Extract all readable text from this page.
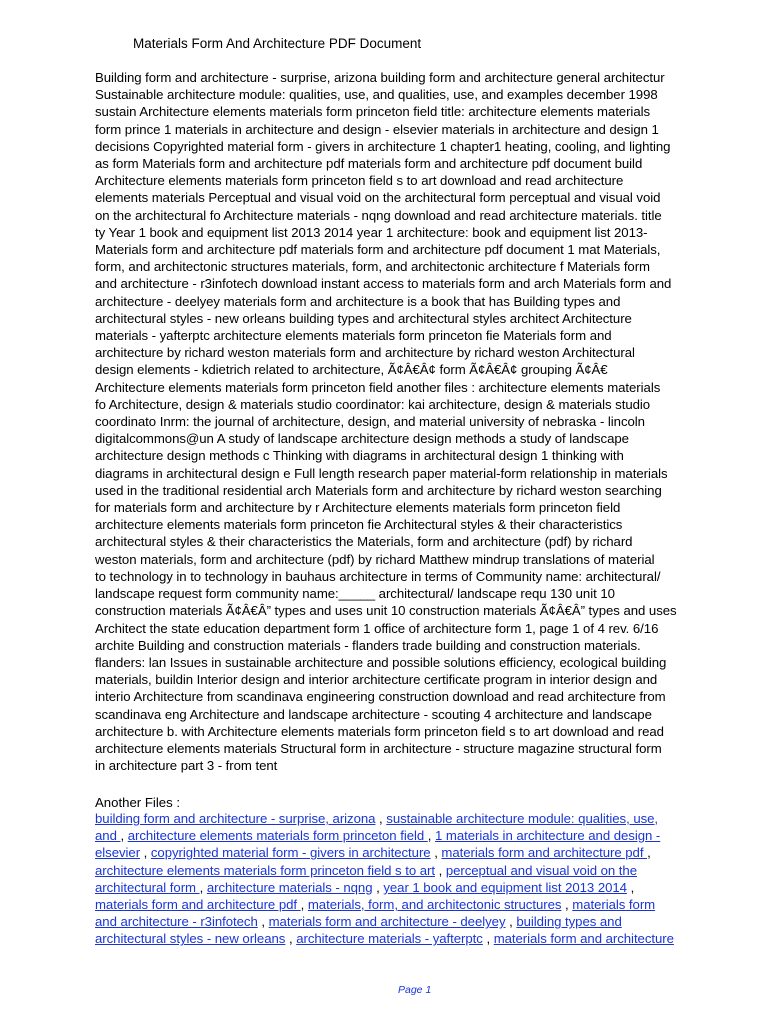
Materials Form And Architecture PDF Document
Building form and architecture - surprise, arizona building form and architecture general architectur
Sustainable architecture module: qualities, use, and qualities, use, and examples december 1998
sustain Architecture elements materials form princeton field title: architecture elements materials
form prince 1 materials in architecture and design - elsevier materials in architecture and design 1
decisions Copyrighted material form - givers in architecture 1 chapter1 heating, cooling, and lighting
as form Materials form and architecture pdf materials form and architecture pdf document build
Architecture elements materials form princeton field s to art download and read architecture
elements materials Perceptual and visual void on the architectural form perceptual and visual void
on the architectural fo Architecture materials - nqng download and read architecture materials. title
ty Year 1 book and equipment list 2013 2014 year 1 architecture: book and equipment list 2013-
Materials form and architecture pdf materials form and architecture pdf document 1 mat Materials,
form, and architectonic structures materials, form, and architectonic architecture f Materials form
and architecture - r3infotech download instant access to materials form and arch Materials form and
architecture - deelyey materials form and architecture is a book that has Building types and
architectural styles - new orleans building types and architectural styles architect Architecture
materials - yafterptc architecture elements materials form princeton fie Materials form and
architecture by richard weston materials form and architecture by richard weston Architectural
design elements - kdietrich related to architecture, Ã¢Â€Â¢ form Ã¢Â€Â¢ grouping Ã¢Â€
Architecture elements materials form princeton field another files : architecture elements materials
fo Architecture, design & materials studio coordinator: kai architecture, design & materials studio
coordinato Inrm: the journal of architecture, design, and material university of nebraska - lincoln
digitalcommons@un A study of landscape architecture design methods a study of landscape
architecture design methods c Thinking with diagrams in architectural design 1 thinking with
diagrams in architectural design e Full length research paper material-form relationship in materials
used in the traditional residential arch Materials form and architecture by richard weston searching
for materials form and architecture by r Architecture elements materials form princeton field
architecture elements materials form princeton fie Architectural styles & their characteristics
architectural styles & their characteristics the Materials, form and architecture (pdf) by richard
weston materials, form and architecture (pdf) by richard Matthew mindrup translations of material
to technology in to technology in bauhaus architecture in terms of Community name: architectural/
landscape request form community name:_____ architectural/ landscape requ 130 unit 10
construction materials Ã¢Â€Â” types and uses unit 10 construction materials Ã¢Â€Â” types and uses
Architect the state education department form 1 office of architecture form 1, page 1 of 4 rev. 6/16
archite Building and construction materials - flanders trade building and construction materials.
flanders: lan Issues in sustainable architecture and possible solutions efficiency, ecological building
materials, buildin Interior design and interior architecture certificate program in interior design and
interio Architecture from scandinava engineering construction download and read architecture from
scandinava eng Architecture and landscape architecture - scouting 4 architecture and landscape
architecture b. with Architecture elements materials form princeton field s to art download and read
architecture elements materials Structural form in architecture - structure magazine structural form
in architecture part 3 - from tent
Another Files :
building form and architecture - surprise, arizona , sustainable architecture module: qualities, use,
and , architecture elements materials form princeton field , 1 materials in architecture and design -
elsevier , copyrighted material form - givers in architecture , materials form and architecture pdf ,
architecture elements materials form princeton field s to art , perceptual and visual void on the
architectural form , architecture materials - nqng , year 1 book and equipment list 2013 2014 ,
materials form and architecture pdf , materials, form, and architectonic structures , materials form
and architecture - r3infotech , materials form and architecture - deelyey , building types and
architectural styles - new orleans , architecture materials - yafterptc , materials form and architecture
Page 1
